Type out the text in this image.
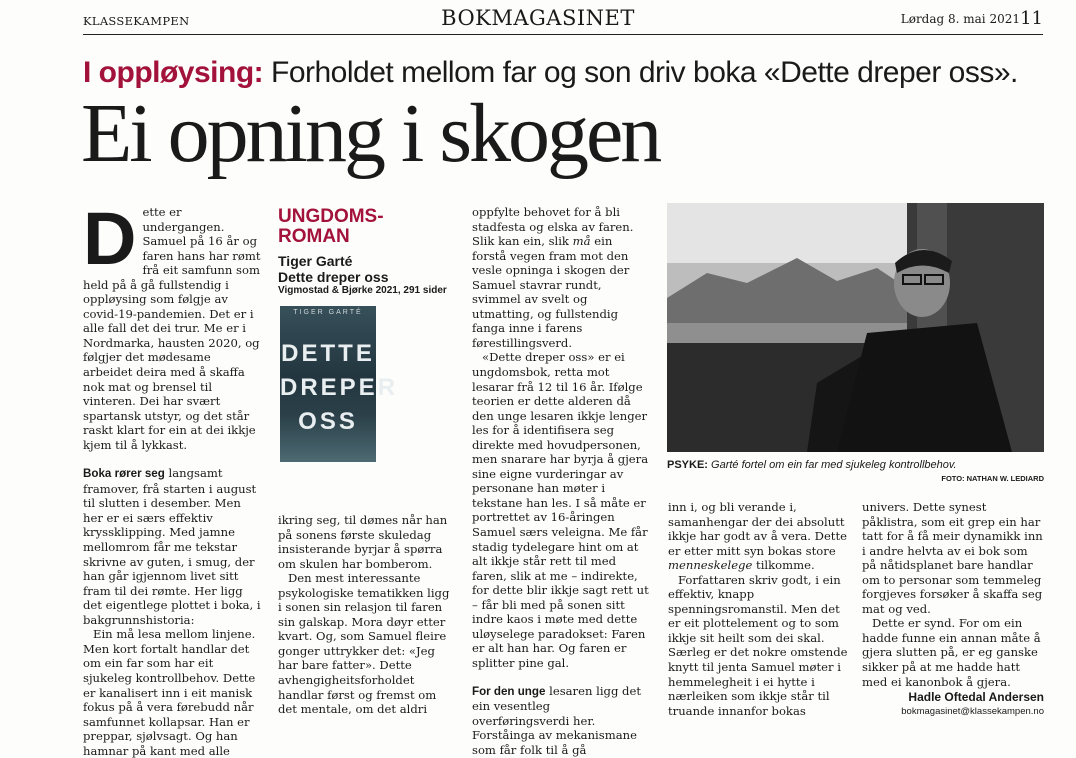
KLASSEKAMPEN	BOKMAGASINET	Lørdag 8. mai 2021 11
I oppløysing: Forholdet mellom far og son driv boka «Dette dreper oss».
Ei opning i skogen

Dette er undergangen. Samuel på 16 år og faren hans har rømt frå eit samfunn som held på å gå fullstendig i oppløysing som følgje av covid-19-pandemien. Det er i alle fall det dei trur. Me er i Nordmarka, hausten 2020, og følgjer det mødesame arbeidet deira med å skaffa nok mat og brensel til vinteren. Dei har svært spartansk utstyr, og det står raskt klart for ein at dei ikkje kjem til å lykkast.

Boka rører seg langsamt framover, frå starten i august til slutten i desember. Men her er ei særs effektiv kryssklipping. Med jamne mellomrom får me tekstar skrivne av guten, i smug, der han går igjennom livet sitt fram til dei rømte. Her ligg det eigentlege plottet i boka, i bakgrunnshistoria:

Ein må lesa mellom linjene. Men kort fortalt handlar det om ein far som har eit sjukeleg kontrollbehov. Dette er kanalisert inn i eit manisk fokus på å vera førebudd når samfunnet kollapsar. Han er preppar, sjølvsagt. Og han hamnar på kant med alle

UNGDOMS-ROMAN
Tiger Garté
Dette dreper oss
Vigmostad & Bjørke 2021, 291 sider
TIGER GARTÉ
DETTE
DREPER
OSS

ikring seg, til dømes når han på sonens første skuledag insisterande byrjar å spørra om skulen har bomberom.

Den mest interessante psykologiske tematikken ligg i sonen sin relasjon til faren sin galskap. Mora døyr etter kvart. Og, som Samuel fleire gonger uttrykker det: «Jeg har bare fatter». Dette avhengigheitsforholdet handlar først og fremst om det mentale, om det aldri

oppfylte behovet for å bli stadfesta og elska av faren. Slik kan ein, slik må ein forstå vegen fram mot den vesle opninga i skogen der Samuel stavrar rundt, svimmel av svelt og utmatting, og fullstendig fanga inne i farens førestillingsverd.

«Dette dreper oss» er ei ungdomsbok, retta mot lesarar frå 12 til 16 år. Ifølge teorien er dette alderen då den unge lesaren ikkje lenger les for å identifisera seg direkte med hovudpersonen, men snarare har byrja å gjera sine eigne vurderingar av personane han møter i tekstane han les. I så måte er portrettet av 16-åringen Samuel særs veleigna. Me får stadig tydelegare hint om at alt ikkje står rett til med faren, slik at me – indirekte, for dette blir ikkje sagt rett ut – får bli med på sonen sitt indre kaos i møte med dette uløyselege paradokset: Faren er alt han har. Og faren er splitter pine gal.

For den unge lesaren ligg det ein vesentleg overføringsverdi her. Forståinga av mekanismane som får folk til å gå

PSYKE: Garté fortel om ein far med sjukeleg kontrollbehov.
FOTO: NATHAN W. LEDIARD

inn i, og bli verande i, samanhengar der dei absolutt ikkje har godt av å vera. Dette er etter mitt syn bokas store menneskelege tilkomme.

Forfattaren skriv godt, i ein effektiv, knapp spenningsromanstil. Men det er eit plottelement og to som ikkje sit heilt som dei skal. Særleg er det nokre omstende knytt til jenta Samuel møter i hemmelegheit i ei hytte i nærleiken som ikkje står til truande innanfor bokas

univers. Dette synest påklistra, som eit grep ein har tatt for å få meir dynamikk inn i andre helvta av ei bok som på nåtidsplanet bare handlar om to personar som temmeleg forgjeves forsøker å skaffa seg mat og ved.

Dette er synd. For om ein hadde funne ein annan måte å gjera slutten på, er eg ganske sikker på at me hadde hatt med ei kanonbok å gjera.

Hadle Oftedal Andersen
bokmagasinet@klassekampen.no
